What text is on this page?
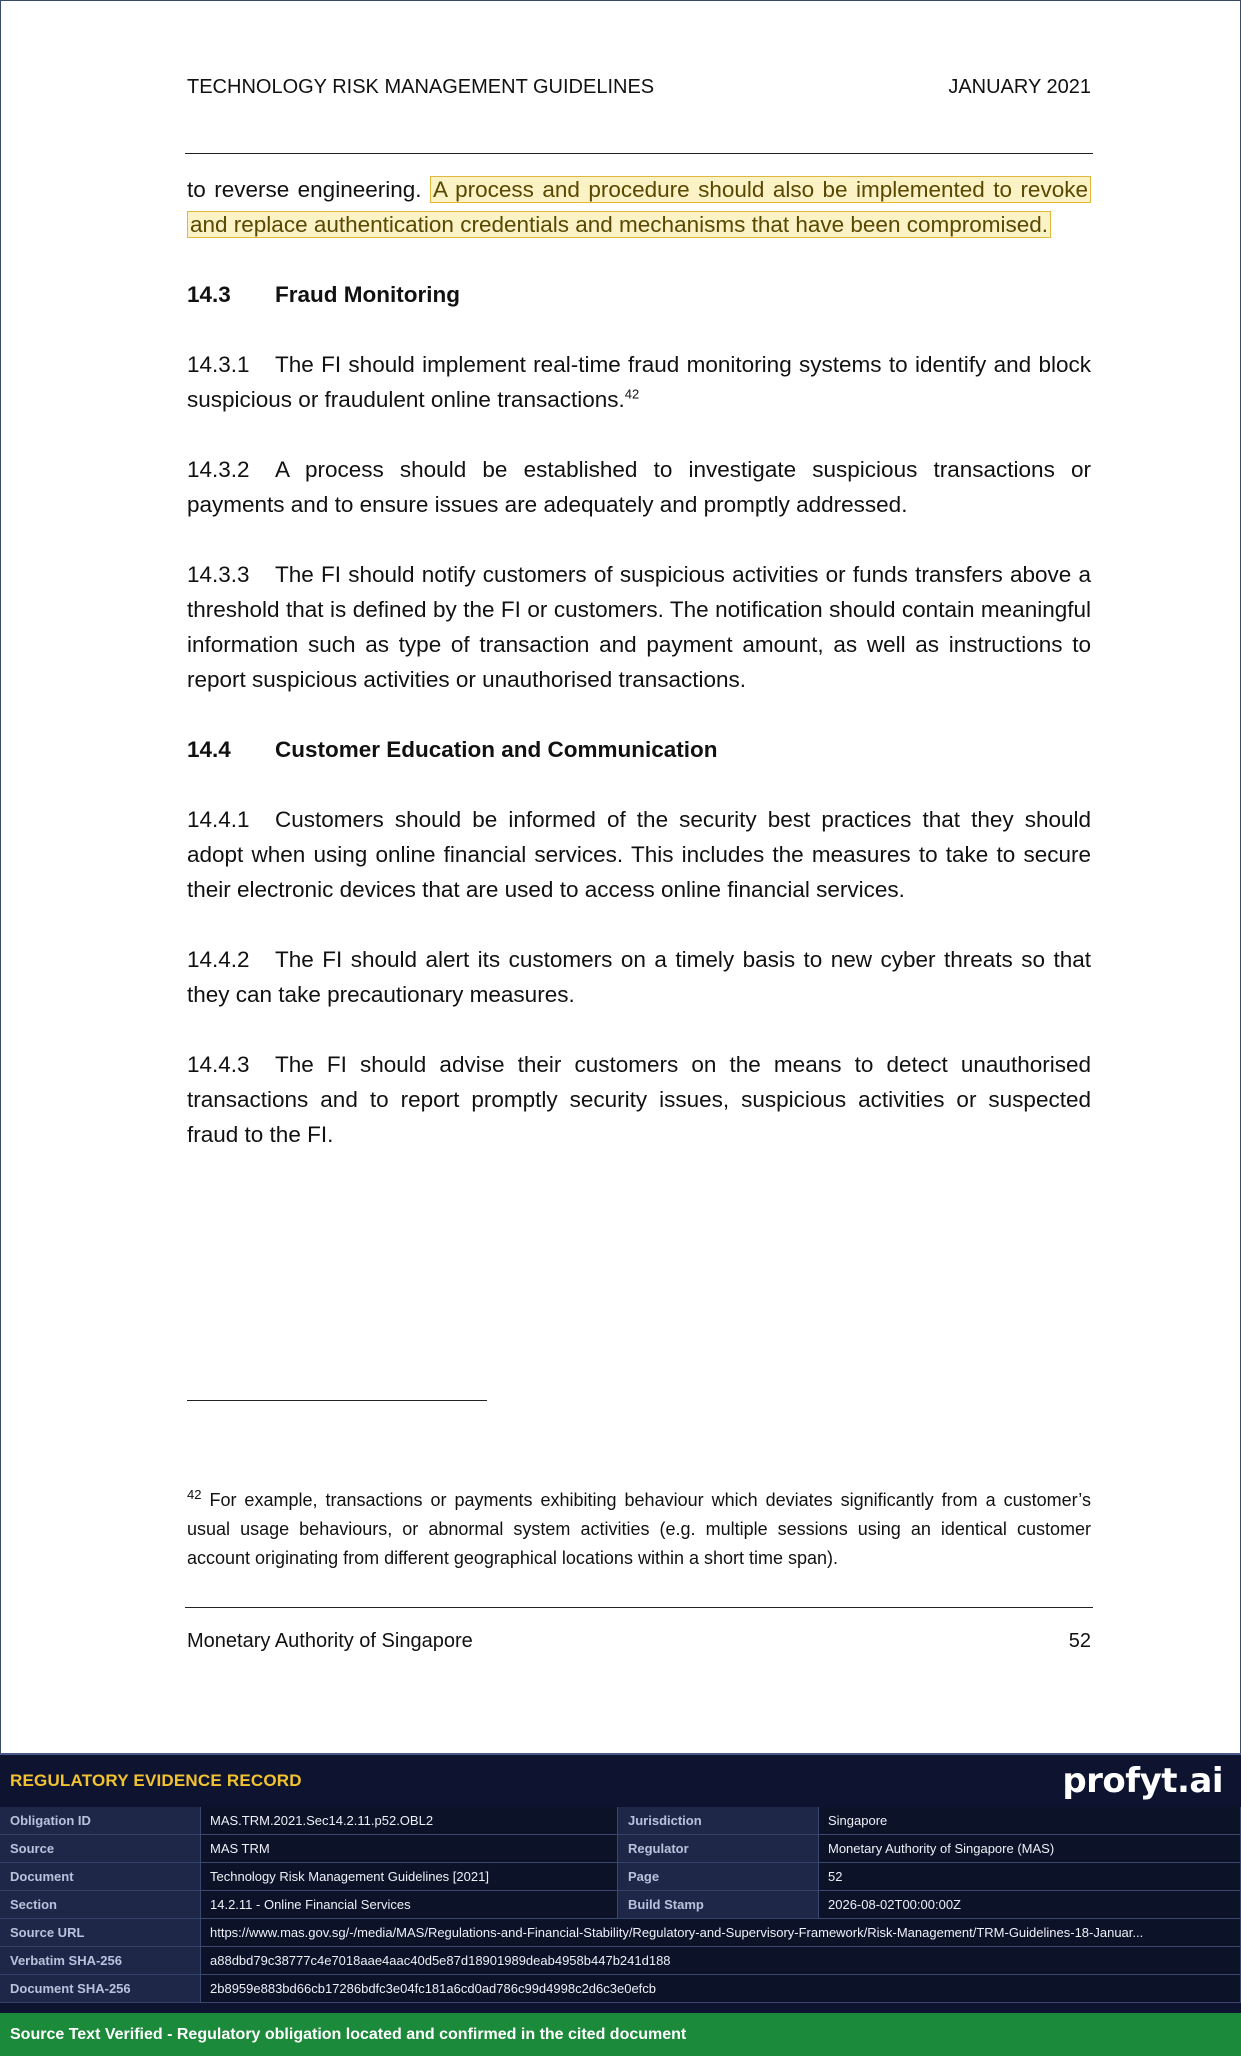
TECHNOLOGY RISK MANAGEMENT GUIDELINES	JANUARY 2021

to reverse engineering. A process and procedure should also be implemented to revoke and replace authentication credentials and mechanisms that have been compromised.

14.3 Fraud Monitoring

14.3.1 The FI should implement real-time fraud monitoring systems to identify and block suspicious or fraudulent online transactions.$^{42}$

14.3.2 A process should be established to investigate suspicious transactions or payments and to ensure issues are adequately and promptly addressed.

14.3.3 The FI should notify customers of suspicious activities or funds transfers above a threshold that is defined by the FI or customers. The notification should contain meaningful information such as type of transaction and payment amount, as well as instructions to report suspicious activities or unauthorised transactions.

14.4 Customer Education and Communication

14.4.1 Customers should be informed of the security best practices that they should adopt when using online financial services. This includes the measures to take to secure their electronic devices that are used to access online financial services.

14.4.2 The FI should alert its customers on a timely basis to new cyber threats so that they can take precautionary measures.

14.4.3 The FI should advise their customers on the means to detect unauthorised transactions and to report promptly security issues, suspicious activities or suspected fraud to the FI.

$^{42}$ For example, transactions or payments exhibiting behaviour which deviates significantly from a customer’s usual usage behaviours, or abnormal system activities (e.g. multiple sessions using an identical customer account originating from different geographical locations within a short time span).
Monetary Authority of Singapore	52
REGULATORY EVIDENCE RECORD	profyt.ai
Obligation ID	MAS.TRM.2021.Sec14.2.11.p52.OBL2	Jurisdiction	Singapore
Source	MAS TRM	Regulator	Monetary Authority of Singapore (MAS)
Document	Technology Risk Management Guidelines [2021]	Page	52
Section	14.2.11 - Online Financial Services	Build Stamp	2026-08-02T00:00:00Z
Source URL	https://www.mas.gov.sg/-/media/MAS/Regulations-and-Financial-Stability/Regulatory-and-Supervisory-Framework/Risk-Management/TRM-Guidelines-18-Januar...
Verbatim SHA-256	a88dbd79c38777c4e7018aae4aac40d5e87d18901989deab4958b447b241d188
Document SHA-256	2b8959e883bd66cb17286bdfc3e04fc181a6cd0ad786c99d4998c2d6c3e0efcb
Source Text Verified - Regulatory obligation located and confirmed in the cited document
